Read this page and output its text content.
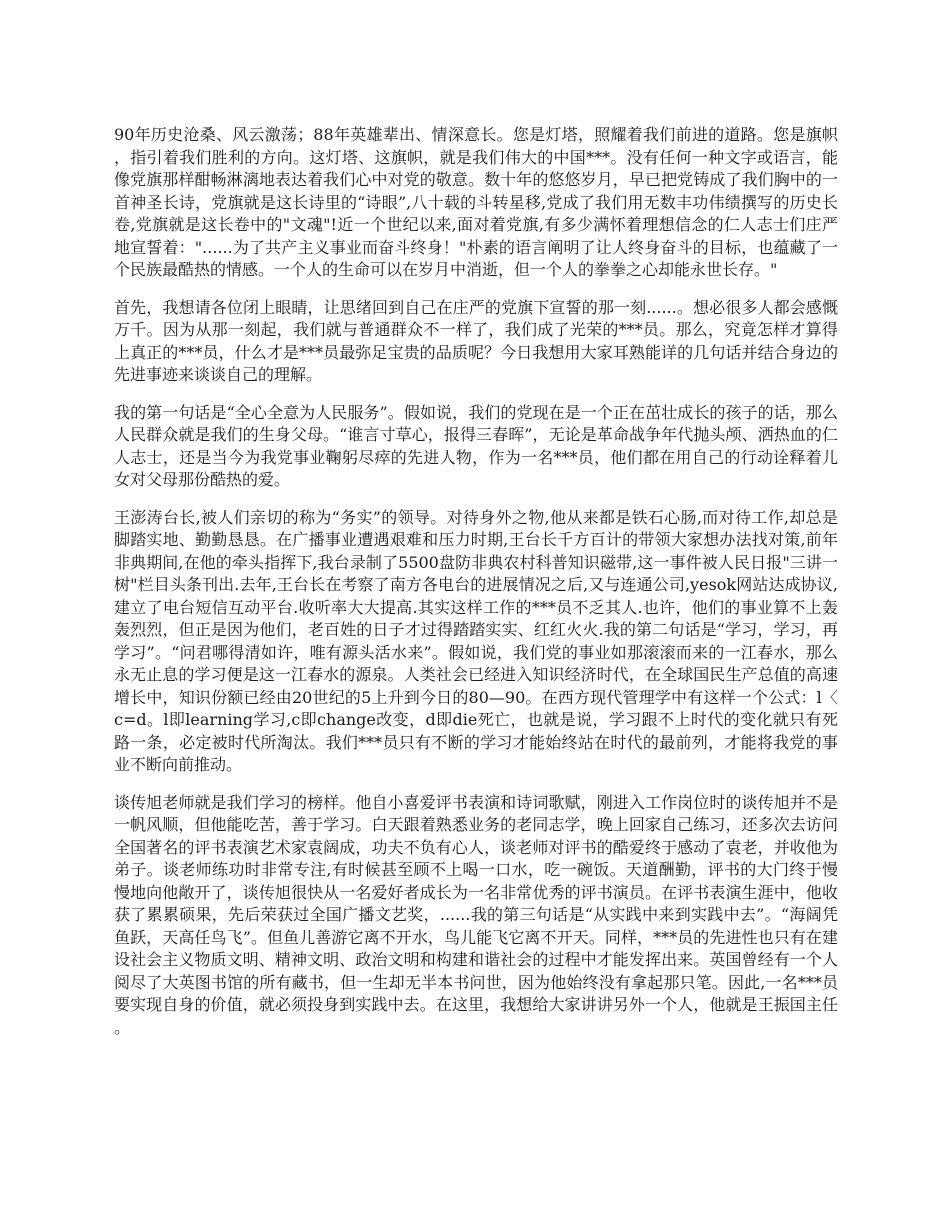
90年历史沧桑、风云激荡；88年英雄辈出、情深意长。您是灯塔，照耀着我们前进的道路。您是旗帜，指引着我们胜利的方向。这灯塔、这旗帜，就是我们伟大的中国***。没有任何一种文字或语言，能像党旗那样酣畅淋漓地表达着我们心中对党的敬意。数十年的悠悠岁月，早已把党铸成了我们胸中的一首神圣长诗，党旗就是这长诗里的“诗眼”,八十载的斗转星移,党成了我们用无数丰功伟绩撰写的历史长卷,党旗就是这长卷中的"文魂"!近一个世纪以来,面对着党旗,有多少满怀着理想信念的仁人志士们庄严地宣誓着："......为了共产主义事业而奋斗终身！"朴素的语言阐明了让人终身奋斗的目标，也蕴藏了一个民族最酷热的情感。一个人的生命可以在岁月中消逝，但一个人的拳拳之心却能永世长存。"

首先，我想请各位闭上眼睛，让思绪回到自己在庄严的党旗下宣誓的那一刻......。想必很多人都会感慨万千。因为从那一刻起，我们就与普通群众不一样了，我们成了光荣的***员。那么，究竟怎样才算得上真正的***员，什么才是***员最弥足宝贵的品质呢？今日我想用大家耳熟能详的几句话并结合身边的先进事迹来谈谈自己的理解。

我的第一句话是“全心全意为人民服务”。假如说，我们的党现在是一个正在茁壮成长的孩子的话，那么人民群众就是我们的生身父母。“谁言寸草心，报得三春晖”，无论是革命战争年代抛头颅、洒热血的仁人志士，还是当今为我党事业鞠躬尽瘁的先进人物，作为一名***员，他们都在用自己的行动诠释着儿女对父母那份酷热的爱。

王澎涛台长,被人们亲切的称为“务实”的领导。对待身外之物,他从来都是铁石心肠,而对待工作,却总是脚踏实地、勤勤恳恳。在广播事业遭遇艰难和压力时期,王台长千方百计的带领大家想办法找对策,前年非典期间,在他的牵头指挥下,我台录制了5500盘防非典农村科普知识磁带,这一事件被人民日报"三讲一树"栏目头条刊出.去年,王台长在考察了南方各电台的进展情况之后,又与连通公司,yesok网站达成协议,建立了电台短信互动平台.收听率大大提高.其实这样工作的***员不乏其人.也许，他们的事业算不上轰轰烈烈，但正是因为他们，老百姓的日子才过得踏踏实实、红红火火.我的第二句话是“学习，学习，再学习”。“问君哪得清如许，唯有源头活水来”。假如说，我们党的事业如那滚滚而来的一江春水，那么永无止息的学习便是这一江春水的源泉。人类社会已经进入知识经济时代，在全球国民生产总值的高速增长中，知识份额已经由20世纪的5上升到今日的80—90。在西方现代管理学中有这样一个公式：l〈c=d。l即learning学习,c即change改变，d即die死亡，也就是说，学习跟不上时代的变化就只有死路一条，必定被时代所淘汰。我们***员只有不断的学习才能始终站在时代的最前列，才能将我党的事业不断向前推动。

谈传旭老师就是我们学习的榜样。他自小喜爱评书表演和诗词歌赋，刚进入工作岗位时的谈传旭并不是一帆风顺，但他能吃苦，善于学习。白天跟着熟悉业务的老同志学，晚上回家自己练习，还多次去访问全国著名的评书表演艺术家袁阔成，功夫不负有心人，谈老师对评书的酷爱终于感动了袁老，并收他为弟子。谈老师练功时非常专注,有时候甚至顾不上喝一口水，吃一碗饭。天道酬勤，评书的大门终于慢慢地向他敞开了，谈传旭很快从一名爱好者成长为一名非常优秀的评书演员。在评书表演生涯中，他收获了累累硕果，先后荣获过全国广播文艺奖，......我的第三句话是“从实践中来到实践中去”。“海阔凭鱼跃，天高任鸟飞”。但鱼儿善游它离不开水，鸟儿能飞它离不开天。同样，***员的先进性也只有在建设社会主义物质文明、精神文明、政治文明和构建和谐社会的过程中才能发挥出来。英国曾经有一个人阅尽了大英图书馆的所有藏书，但一生却无半本书问世，因为他始终没有拿起那只笔。因此,一名***员要实现自身的价值，就必须投身到实践中去。在这里，我想给大家讲讲另外一个人，他就是王振国主任。
